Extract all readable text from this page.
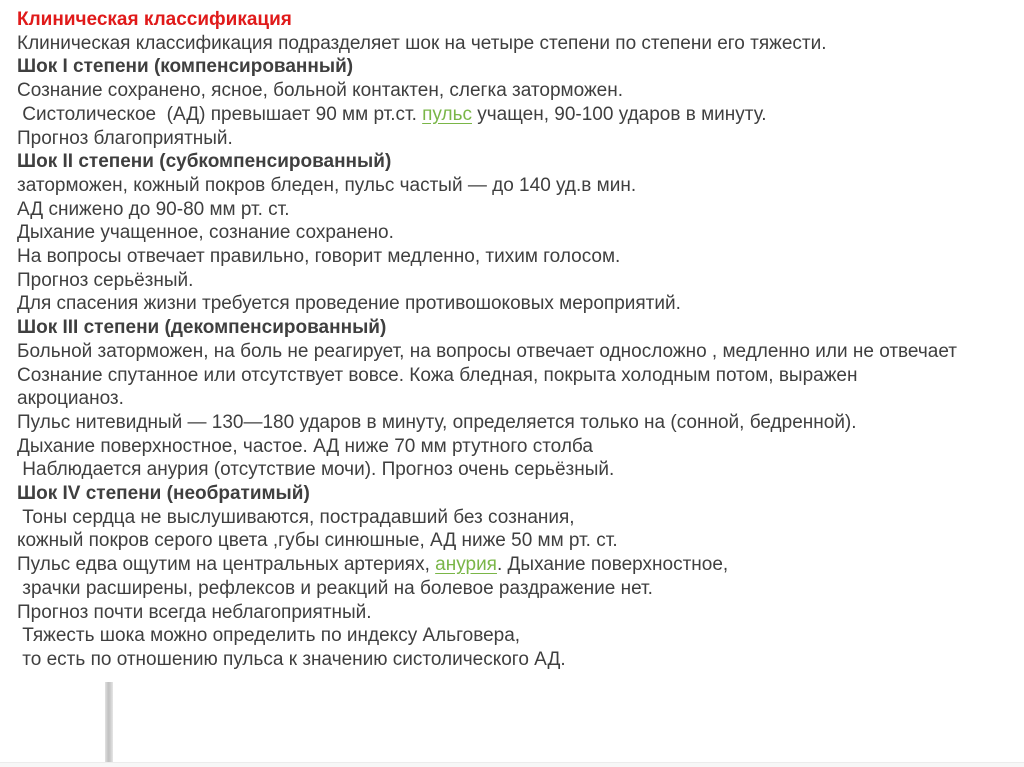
Клиническая классификация
Клиническая классификация подразделяет шок на четыре степени по степени его тяжести.
Шок I степени (компенсированный)
Сознание сохранено, ясное, больной контактен, слегка заторможен.
Систолическое  (АД) превышает 90 мм рт.ст. пульс учащен, 90-100 ударов в минуту.
Прогноз благоприятный.
Шок II степени (субкомпенсированный)
заторможен, кожный покров бледен, пульс частый — до 140 уд.в мин.
АД снижено до 90-80 мм рт. ст.
Дыхание учащенное, сознание сохранено.
На вопросы отвечает правильно, говорит медленно, тихим голосом.
Прогноз серьёзный.
Для спасения жизни требуется проведение противошоковых мероприятий.
Шок III степени (декомпенсированный)
Больной заторможен, на боль не реагирует, на вопросы отвечает односложно , медленно или не отвечает
Сознание спутанное или отсутствует вовсе. Кожа бледная, покрыта холодным потом, выражен
акроцианоз.
Пульс нитевидный — 130—180 ударов в минуту, определяется только на (сонной, бедренной).
Дыхание поверхностное, частое. АД ниже 70 мм ртутного столба
Наблюдается анурия (отсутствие мочи). Прогноз очень серьёзный.
Шок IV степени (необратимый)
Тоны сердца не выслушиваются, пострадавший без сознания,
кожный покров серого цвета ,губы синюшные, АД ниже 50 мм рт. ст.
Пульс едва ощутим на центральных артериях, анурия. Дыхание поверхностное,
зрачки расширены, рефлексов и реакций на болевое раздражение нет.
Прогноз почти всегда неблагоприятный.
Тяжесть шока можно определить по индексу Альговера,
то есть по отношению пульса к значению систолического АД.
